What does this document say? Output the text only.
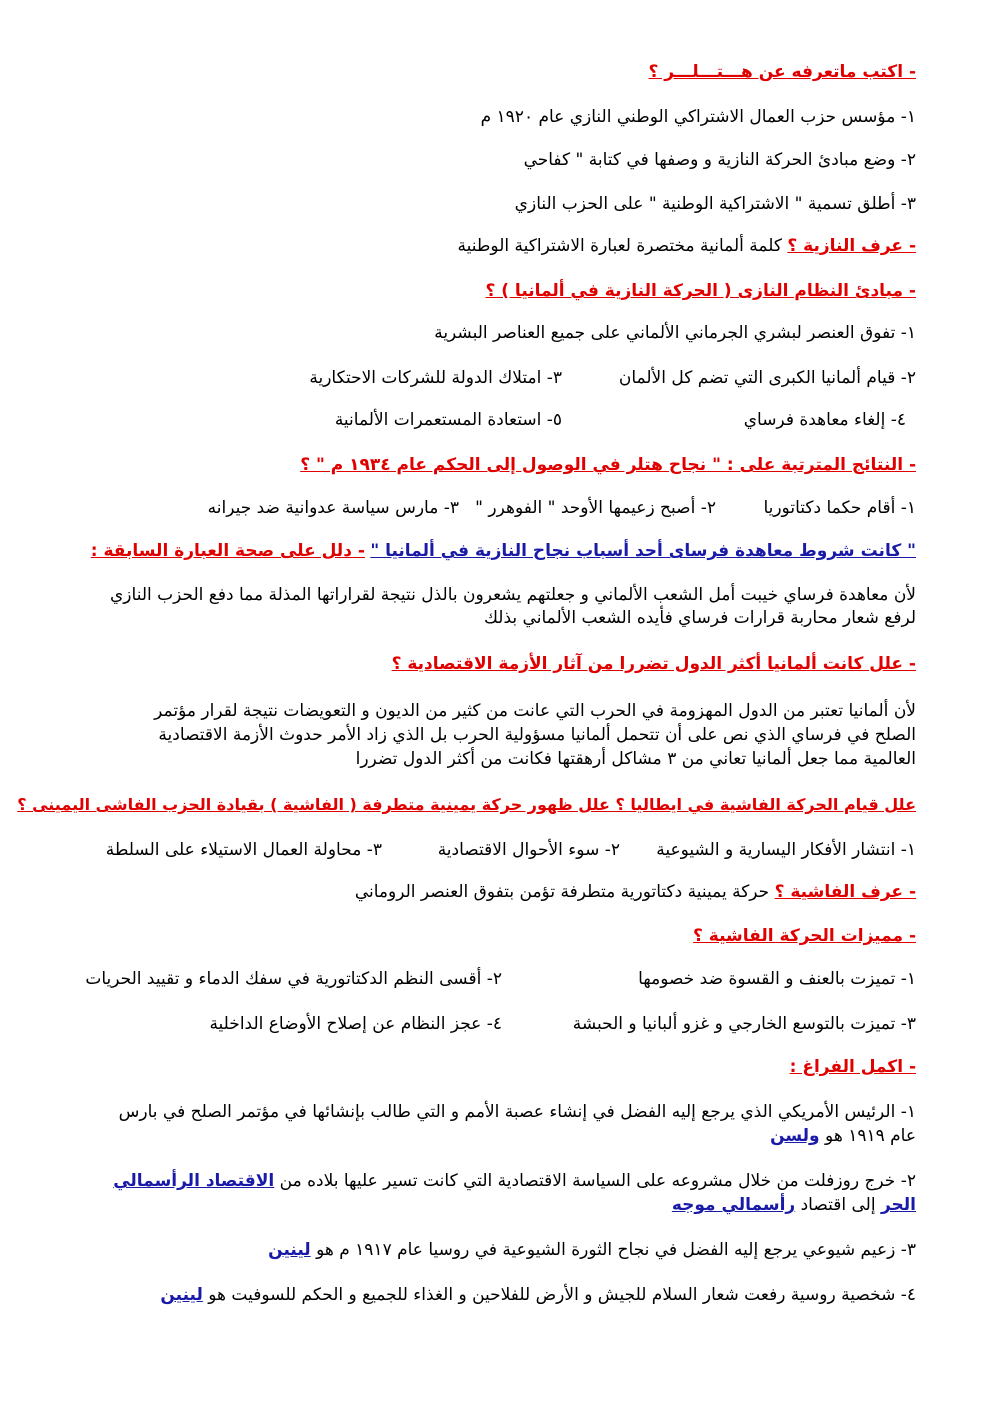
- اكتب ماتعرفه عن هـــتـــلـــر ؟
١- مؤسس حزب العمال الاشتراكي الوطني النازي عام ١٩٢٠ م
٢- وضع مبادئ الحركة النازية و وصفها في كتابة " كفاحي
٣- أطلق تسمية " الاشتراكية الوطنية " على الحزب النازي
- عرف النازية ؟ كلمة ألمانية مختصرة لعبارة الاشتراكية الوطنية
- مبادئ النظام النازى ( الحركة النازية في ألمانيا ) ؟
١- تفوق العنصر لبشري الجرماني الألماني على جميع العناصر البشرية
٢- قيام ألمانيا الكبرى التي تضم كل الألمان
٣- امتلاك الدولة للشركات الاحتكارية
٤- إلغاء معاهدة فرساي
٥- استعادة المستعمرات الألمانية
- النتائج المترتبة على : " نجاح هتلر في الوصول إلى الحكم عام ١٩٣٤ م " ؟
١- أقام حكما دكتاتوريا
٢- أصبح زعيمها الأوحد " الفوهرر "
٣- مارس سياسة عدوانية ضد جيرانه
" كانت شروط معاهدة فرساى أحد أسباب نجاح النازية في ألمانيا " - دلل على صحة العبارة السابقة :
لأن معاهدة فرساي خيبت أمل الشعب الألماني و جعلتهم يشعرون بالذل نتيجة لقراراتها المذلة مما دفع الحزب النازي
لرفع شعار محاربة قرارات فرساي فأيده الشعب الألماني بذلك
- علل كانت ألمانيا أكثر الدول تضررا من آثار الأزمة الاقتصادية ؟
لأن ألمانيا تعتبر من الدول المهزومة في الحرب التي عانت من كثير من الديون و التعويضات نتيجة لقرار مؤتمر
الصلح في فرساي الذي نص على أن تتحمل ألمانيا مسؤولية الحرب بل الذي زاد الأمر حدوث الأزمة الاقتصادية
العالمية مما جعل ألمانيا تعاني من ٣ مشاكل أرهقتها فكانت من أكثر الدول تضررا
علل قيام الحركة الفاشية في ايطاليا ؟ علل ظهور حركة يمينية متطرفة ( الفاشية ) بقيادة الحزب الفاشى اليمينى ؟
١- انتشار الأفكار اليسارية و الشيوعية
٢- سوء الأحوال الاقتصادية
٣- محاولة العمال الاستيلاء على السلطة
- عرف الفاشية ؟ حركة يمينية دكتاتورية متطرفة تؤمن بتفوق العنصر الروماني
- مميزات الحركة الفاشية ؟
١- تميزت بالعنف و القسوة ضد خصومها
٢- أقسى النظم الدكتاتورية في سفك الدماء و تقييد الحريات
٣- تميزت بالتوسع الخارجي و غزو ألبانيا و الحبشة
٤- عجز النظام عن إصلاح الأوضاع الداخلية
- اكمل الفراغ :
١- الرئيس الأمريكي الذي يرجع إليه الفضل في إنشاء عصبة الأمم و التي طالب بإنشائها في مؤتمر الصلح في بارس
عام ١٩١٩ هو ولسن
٢- خرج روزفلت من خلال مشروعه على السياسة الاقتصادية التي كانت تسير عليها بلاده من الاقتصاد الرأسمالي
الحر إلى اقتصاد رأسمالي موجه
٣- زعيم شيوعي يرجع إليه الفضل في نجاح الثورة الشيوعية في روسيا عام ١٩١٧ م هو لينين
٤- شخصية روسية رفعت شعار السلام للجيش و الأرض للفلاحين و الغذاء للجميع و الحكم للسوفيت هو لينين
